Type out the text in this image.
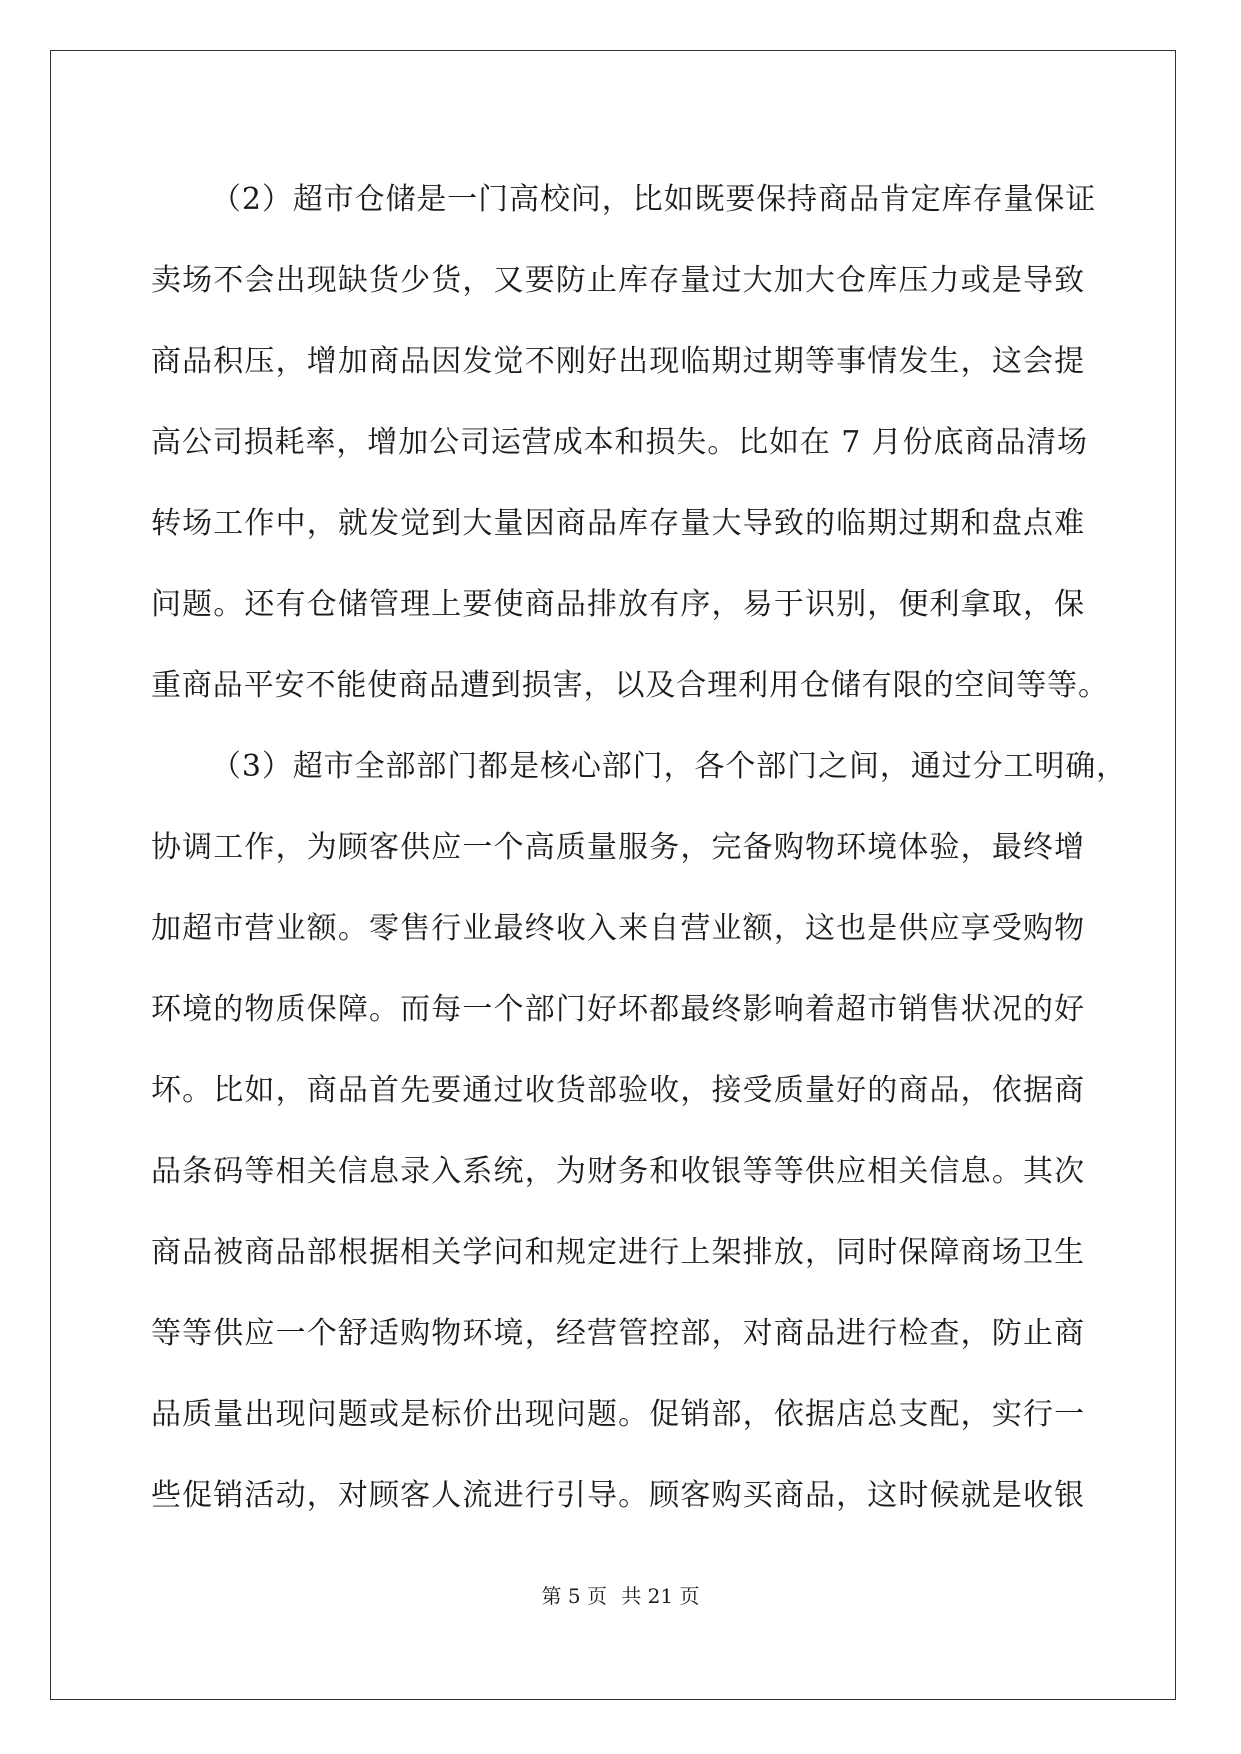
（2）超市仓储是一门高校问，比如既要保持商品肯定库存量保证
卖场不会出现缺货少货，又要防止库存量过大加大仓库压力或是导致
商品积压，增加商品因发觉不刚好出现临期过期等事情发生，这会提
高公司损耗率，增加公司运营成本和损失。比如在 7 月份底商品清场
转场工作中，就发觉到大量因商品库存量大导致的临期过期和盘点难
问题。还有仓储管理上要使商品排放有序，易于识别，便利拿取，保
重商品平安不能使商品遭到损害，以及合理利用仓储有限的空间等等。
（3）超市全部部门都是核心部门，各个部门之间，通过分工明确，
协调工作，为顾客供应一个高质量服务，完备购物环境体验，最终增
加超市营业额。零售行业最终收入来自营业额，这也是供应享受购物
环境的物质保障。而每一个部门好坏都最终影响着超市销售状况的好
坏。比如，商品首先要通过收货部验收，接受质量好的商品，依据商
品条码等相关信息录入系统，为财务和收银等等供应相关信息。其次
商品被商品部根据相关学问和规定进行上架排放，同时保障商场卫生
等等供应一个舒适购物环境，经营管控部，对商品进行检查，防止商
品质量出现问题或是标价出现问题。促销部，依据店总支配，实行一
些促销活动，对顾客人流进行引导。顾客购买商品，这时候就是收银
第 5 页 共 21 页
